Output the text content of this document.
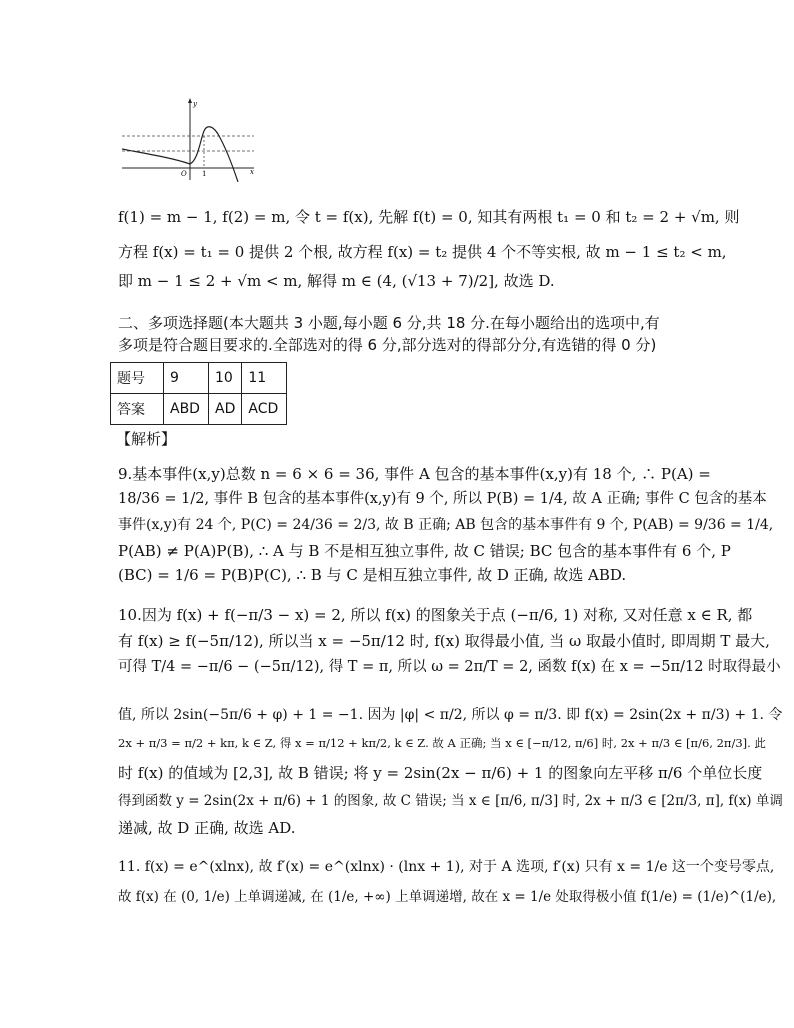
y
x
O 1
f(1) = m − 1, f(2) = m, 令 t = f(x), 先解 f(t) = 0, 知其有两根 t₁ = 0 和 t₂ = 2 + √m, 则
方程 f(x) = t₁ = 0 提供 2 个根, 故方程 f(x) = t₂ 提供 4 个不等实根, 故 m − 1 ≤ t₂ < m,
即 m − 1 ≤ 2 + √m < m, 解得 m ∈ (4, (√13 + 7)/2], 故选 D.
二、多项选择题(本大题共 3 小题,每小题 6 分,共 18 分.在每小题给出的选项中,有
多项是符合题目要求的.全部选对的得 6 分,部分选对的得部分分,有选错的得 0 分)
题号	9	10	11
答案	ABD	AD	ACD
【解析】
9.基本事件(x,y)总数 n = 6 × 6 = 36, 事件 A 包含的基本事件(x,y)有 18 个, ∴ P(A) =
18/36 = 1/2, 事件 B 包含的基本事件(x,y)有 9 个, 所以 P(B) = 1/4, 故 A 正确; 事件 C 包含的基本
事件(x,y)有 24 个, P(C) = 24/36 = 2/3, 故 B 正确; AB 包含的基本事件有 9 个, P(AB) = 9/36 = 1/4,
P(AB) ≠ P(A)P(B), ∴ A 与 B 不是相互独立事件, 故 C 错误; BC 包含的基本事件有 6 个, P
(BC) = 1/6 = P(B)P(C), ∴ B 与 C 是相互独立事件, 故 D 正确, 故选 ABD.
10.因为 f(x) + f(−π/3 − x) = 2, 所以 f(x) 的图象关于点 (−π/6, 1) 对称, 又对任意 x ∈ R, 都
有 f(x) ≥ f(−5π/12), 所以当 x = −5π/12 时, f(x) 取得最小值, 当 ω 取最小值时, 即周期 T 最大,
可得 T/4 = −π/6 − (−5π/12), 得 T = π, 所以 ω = 2π/T = 2, 函数 f(x) 在 x = −5π/12 时取得最小
值, 所以 2sin(−5π/6 + φ) + 1 = −1. 因为 |φ| < π/2, 所以 φ = π/3. 即 f(x) = 2sin(2x + π/3) + 1. 令
2x + π/3 = π/2 + kπ, k ∈ Z, 得 x = π/12 + kπ/2, k ∈ Z. 故 A 正确; 当 x ∈ [−π/12, π/6] 时, 2x + π/3 ∈ [π/6, 2π/3]. 此
时 f(x) 的值域为 [2,3], 故 B 错误; 将 y = 2sin(2x − π/6) + 1 的图象向左平移 π/6 个单位长度
得到函数 y = 2sin(2x + π/6) + 1 的图象, 故 C 错误; 当 x ∈ [π/6, π/3] 时, 2x + π/3 ∈ [2π/3, π], f(x) 单调
递减, 故 D 正确, 故选 AD.
11. f(x) = e^(xlnx), 故 f′(x) = e^(xlnx) · (lnx + 1), 对于 A 选项, f′(x) 只有 x = 1/e 这一个变号零点,
故 f(x) 在 (0, 1/e) 上单调递减, 在 (1/e, +∞) 上单调递增, 故在 x = 1/e 处取得极小值 f(1/e) = (1/e)^(1/e),
